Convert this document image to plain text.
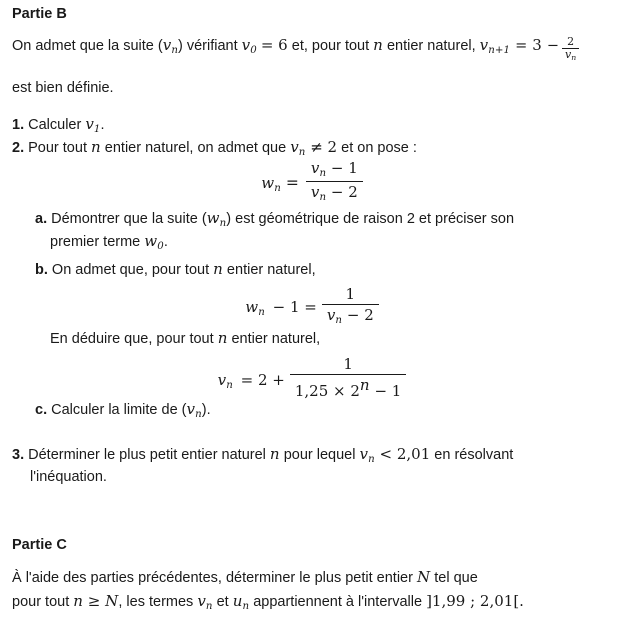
Partie B
On admet que la suite $(v_n)$ vérifiant $v_0 = 6$ et, pour tout n entier naturel, $v_{n+1} = 3 - \frac{2}{v_n}$
est bien définie.
1. Calculer $v_1$.
2. Pour tout n entier naturel, on admet que $v_n \ne 2$ et on pose :
$w_n = \frac{v_n - 1}{v_n - 2}$
a. Démontrer que la suite $(w_n)$ est géométrique de raison 2 et préciser son
premier terme $w_0$.
b. On admet que, pour tout n entier naturel,
$w_n - 1 = \frac{1}{v_n - 2}$
En déduire que, pour tout n entier naturel,
$v_n = 2 + \frac{1}{1,25 \times 2^n - 1}$
c. Calculer la limite de $(v_n)$.
3. Déterminer le plus petit entier naturel n pour lequel $v_n < 2,01$ en résolvant
l'inéquation.
Partie C
À l'aide des parties précédentes, déterminer le plus petit entier N tel que
pour tout n ≥ N, les termes $v_n$ et $u_n$ appartiennent à l'intervalle ]1,99 ; 2,01[.
